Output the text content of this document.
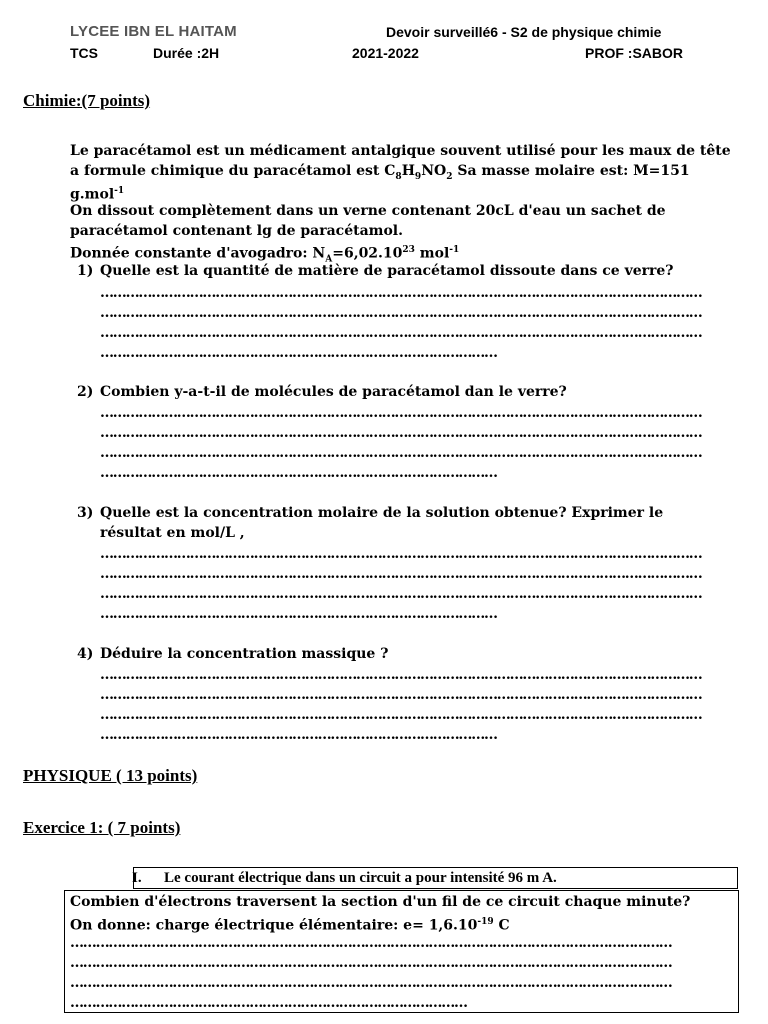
LYCEE IBN EL HAITAM	Devoir surveillé6 - S2 de physique chimie
TCS	Durée :2H	2021-2022	PROF :SABOR
Chimie:(7 points)
Le paracétamol est un médicament antalgique souvent utilisé pour les maux de tête
a formule chimique du paracétamol est $C_8H_9NO_2$ Sa masse molaire est: M=151
g.mol$^{-1}$
On dissout complètement dans un verne contenant 20cL d'eau un sachet de
paracétamol contenant lg de paracétamol.
Donnée constante d'avogadro: $N_A=6,02.10^{23}$ mol$^{-1}$
1) Quelle est la quantité de matière de paracétamol dissoute dans ce verre?
……………………………………………………………………………………………………………………………
……………………………………………………………………………………………………………………………
……………………………………………………………………………………………………………………………
…………………………………………………………………………………
2) Combien y-a-t-il de molécules de paracétamol dan le verre?
……………………………………………………………………………………………………………………………
……………………………………………………………………………………………………………………………
……………………………………………………………………………………………………………………………
…………………………………………………………………………………
3) Quelle est la concentration molaire de la solution obtenue? Exprimer le
résultat en mol/L ,
……………………………………………………………………………………………………………………………
……………………………………………………………………………………………………………………………
……………………………………………………………………………………………………………………………
…………………………………………………………………………………
4) Déduire la concentration massique ?
……………………………………………………………………………………………………………………………
……………………………………………………………………………………………………………………………
……………………………………………………………………………………………………………………………
…………………………………………………………………………………
PHYSIQUE ( 13 points)
Exercice 1: ( 7 points)
I. Le courant électrique dans un circuit a pour intensité 96 m A.
Combien d'électrons traversent la section d'un fil de ce circuit chaque minute?
On donne: charge électrique élémentaire: $e= 1,6.10^{-19}$ C
……………………………………………………………………………………………………………………………
……………………………………………………………………………………………………………………………
……………………………………………………………………………………………………………………………
…………………………………………………………………………………
